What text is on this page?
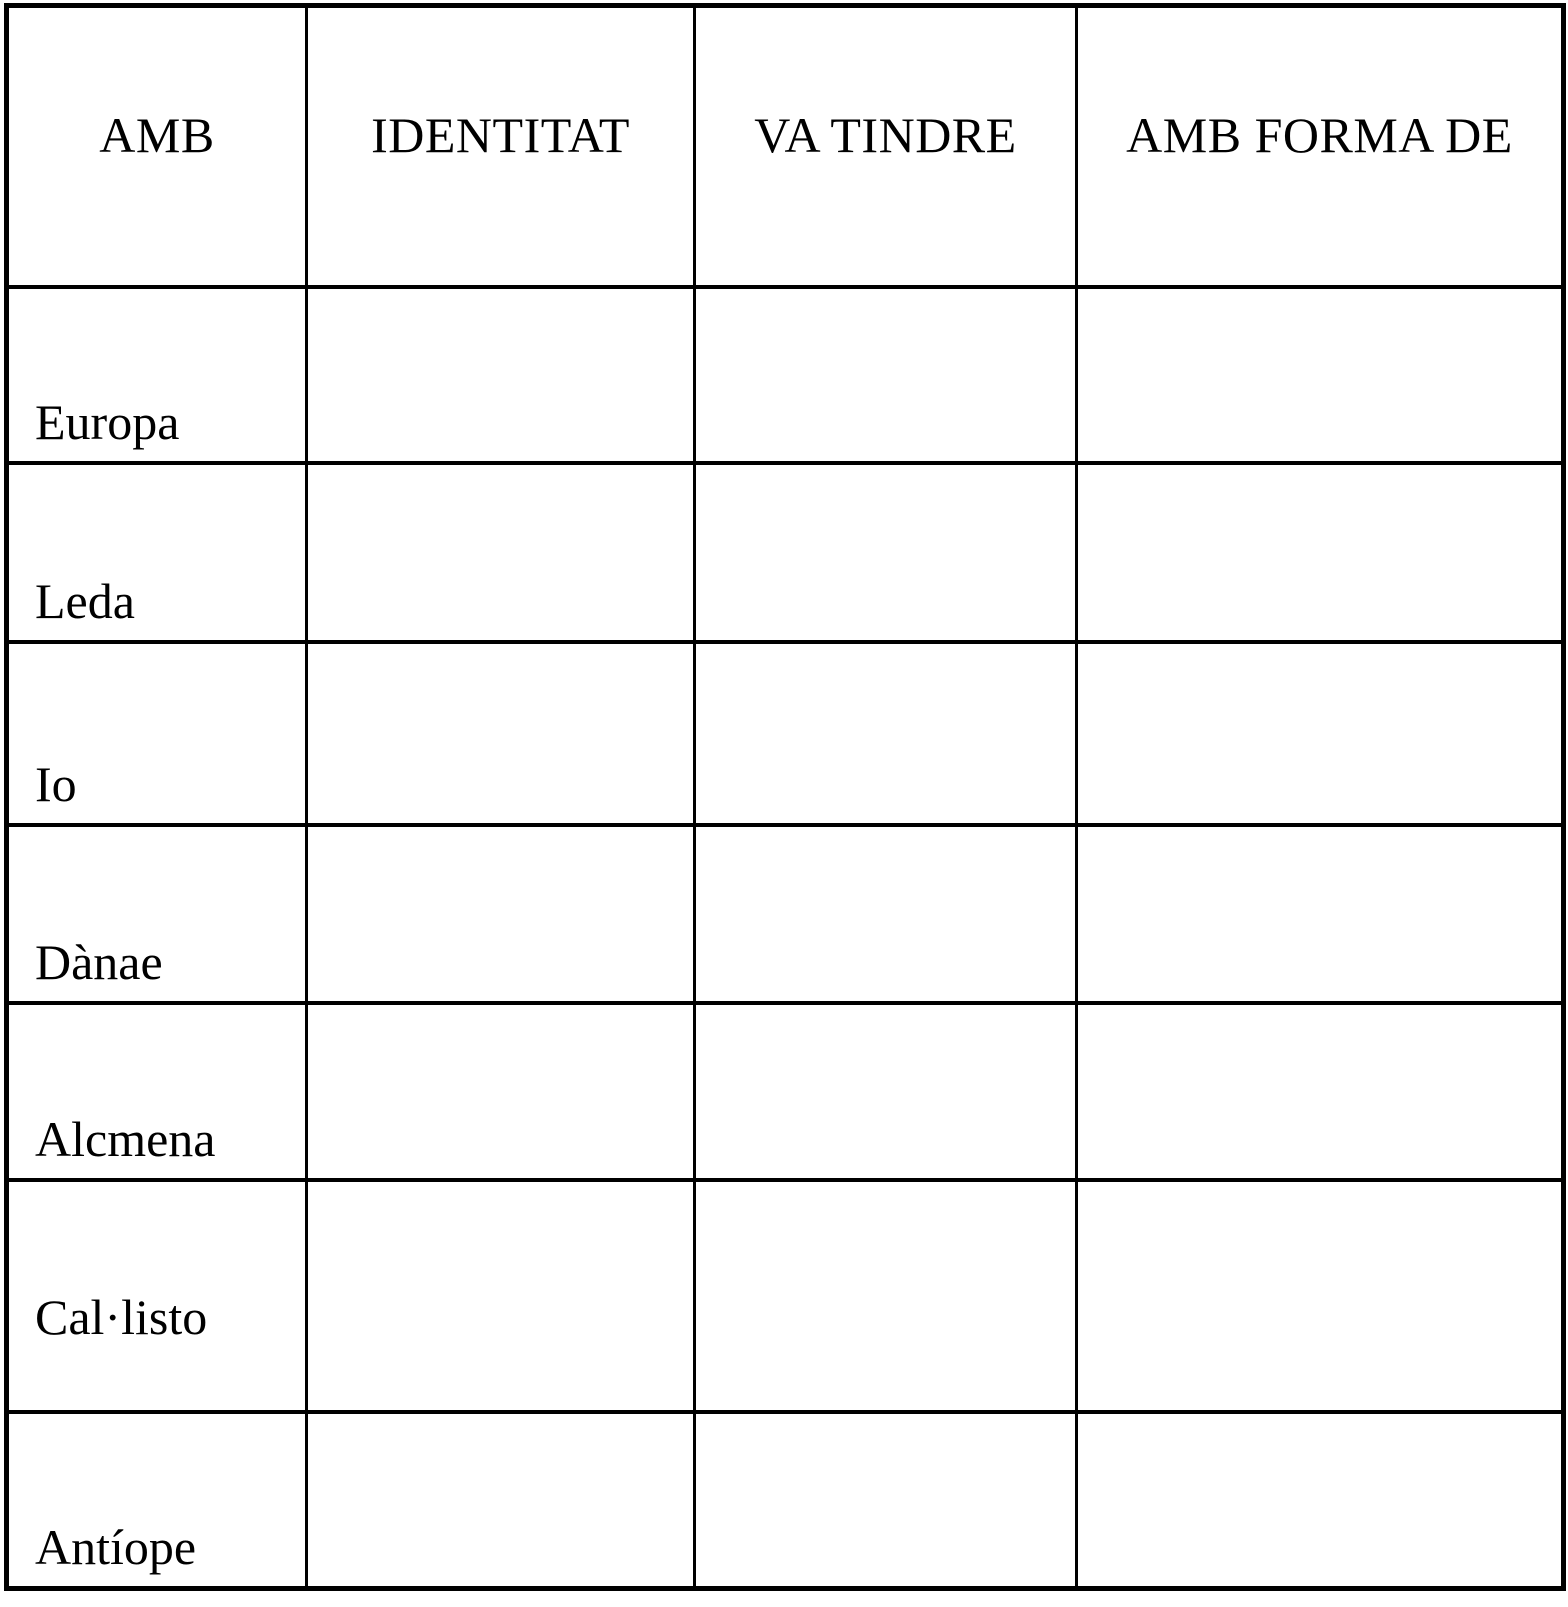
AMB	IDENTITAT	VA TINDRE	AMB FORMA DE
Europa			
Leda			
Io			
Dànae			
Alcmena			
Cal·listo			
Antíope			
